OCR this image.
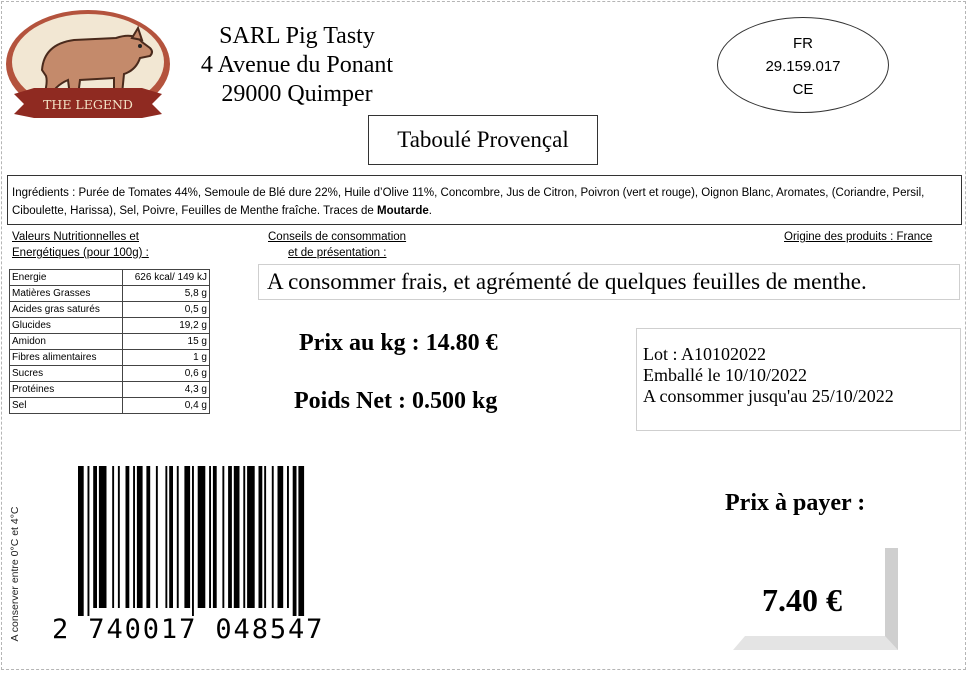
THE LEGEND
SARL Pig Tasty
4 Avenue du Ponant
29000 Quimper
FR
29.159.017
CE
Taboulé Provençal
Ingrédients : Purée de Tomates 44%, Semoule de Blé dure 22%, Huile d’Olive 11%, Concombre, Jus de Citron, Poivron (vert et rouge), Oignon Blanc, Aromates, (Coriandre, Persil, Ciboulette, Harissa), Sel, Poivre, Feuilles de Menthe fraîche. Traces de Moutarde.
Valeurs Nutritionnelles et
Energétiques (pour 100g) :
Conseils de consommation
et de présentation :
Origine des produits : France
Energie	626 kcal/ 149 kJ
Matières Grasses	5,8 g
Acides gras saturés	0,5 g
Glucides	19,2 g
Amidon	15 g
Fibres alimentaires	1 g
Sucres	0,6 g
Protéines	4,3 g
Sel	0,4 g
A consommer frais, et agrémenté de quelques feuilles de menthe.
Prix au kg : 14.80 €
Poids Net : 0.500 kg
Lot : A10102022
Emballé le 10/10/2022
A consommer jusqu'au 25/10/2022
A conserver entre 0°C et 4°C 2 740017 048547
Prix à payer :
7.40 €
